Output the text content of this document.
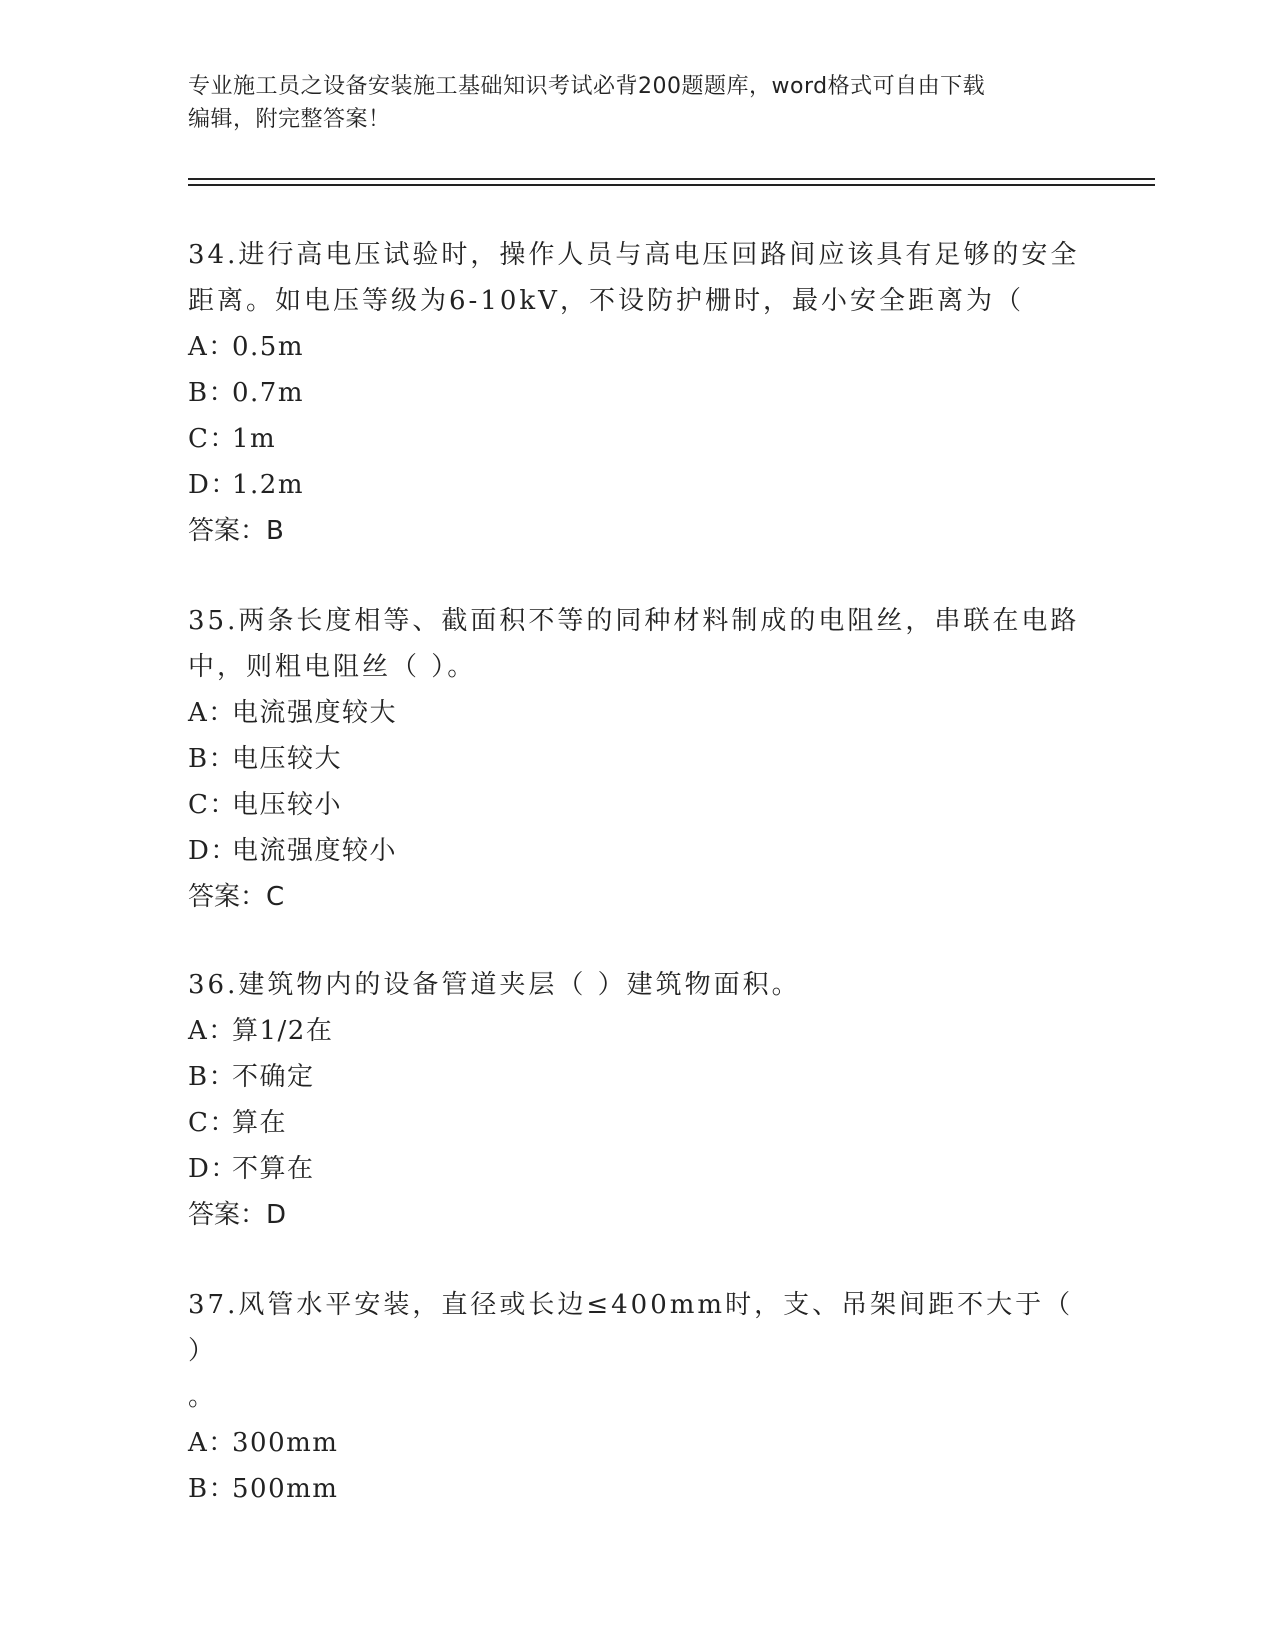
专业施工员之设备安装施工基础知识考试必背200题题库，word格式可自由下载
编辑，附完整答案！
34.进行高电压试验时，操作人员与高电压回路间应该具有足够的安全
距离。如电压等级为6-10kV，不设防护栅时，最小安全距离为（
A：
0.5m
B：
0.7m
C：
1m
D：
1.2m
答案：B
35.两条长度相等、截面积不等的同种材料制成的电阻丝，串联在电路
中，则粗电阻丝（ ）。
A：
电流强度较大
B：
电压较大
C：
电压较小
D：
电流强度较小
答案：C
36.建筑物内的设备管道夹层（ ）建筑物面积。
A：
算1/2在
B：
不确定
C：
算在
D：
不算在
答案：D
37.风管水平安装，直径或长边≤400mm时，支、吊架间距不大于（ ）
。
A：
300mm
B：
500mm
